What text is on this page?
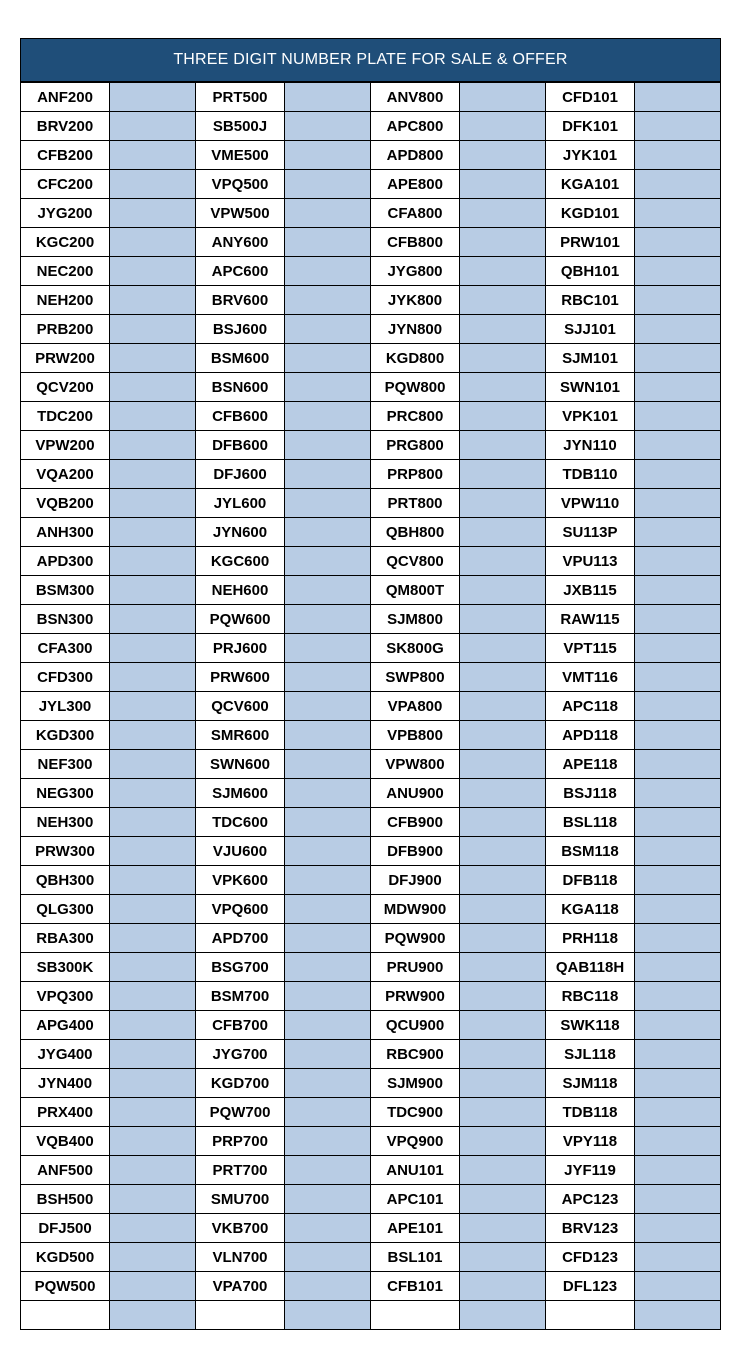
THREE DIGIT NUMBER PLATE FOR SALE & OFFER
ANF200		PRT500		ANV800		CFD101	
BRV200		SB500J		APC800		DFK101	
CFB200		VME500		APD800		JYK101	
CFC200		VPQ500		APE800		KGA101	
JYG200		VPW500		CFA800		KGD101	
KGC200		ANY600		CFB800		PRW101	
NEC200		APC600		JYG800		QBH101	
NEH200		BRV600		JYK800		RBC101	
PRB200		BSJ600		JYN800		SJJ101	
PRW200		BSM600		KGD800		SJM101	
QCV200		BSN600		PQW800		SWN101	
TDC200		CFB600		PRC800		VPK101	
VPW200		DFB600		PRG800		JYN110	
VQA200		DFJ600		PRP800		TDB110	
VQB200		JYL600		PRT800		VPW110	
ANH300		JYN600		QBH800		SU113P	
APD300		KGC600		QCV800		VPU113	
BSM300		NEH600		QM800T		JXB115	
BSN300		PQW600		SJM800		RAW115	
CFA300		PRJ600		SK800G		VPT115	
CFD300		PRW600		SWP800		VMT116	
JYL300		QCV600		VPA800		APC118	
KGD300		SMR600		VPB800		APD118	
NEF300		SWN600		VPW800		APE118	
NEG300		SJM600		ANU900		BSJ118	
NEH300		TDC600		CFB900		BSL118	
PRW300		VJU600		DFB900		BSM118	
QBH300		VPK600		DFJ900		DFB118	
QLG300		VPQ600		MDW900		KGA118	
RBA300		APD700		PQW900		PRH118	
SB300K		BSG700		PRU900		QAB118H	
VPQ300		BSM700		PRW900		RBC118	
APG400		CFB700		QCU900		SWK118	
JYG400		JYG700		RBC900		SJL118	
JYN400		KGD700		SJM900		SJM118	
PRX400		PQW700		TDC900		TDB118	
VQB400		PRP700		VPQ900		VPY118	
ANF500		PRT700		ANU101		JYF119	
BSH500		SMU700		APC101		APC123	
DFJ500		VKB700		APE101		BRV123	
KGD500		VLN700		BSL101		CFD123	
PQW500		VPA700		CFB101		DFL123	
